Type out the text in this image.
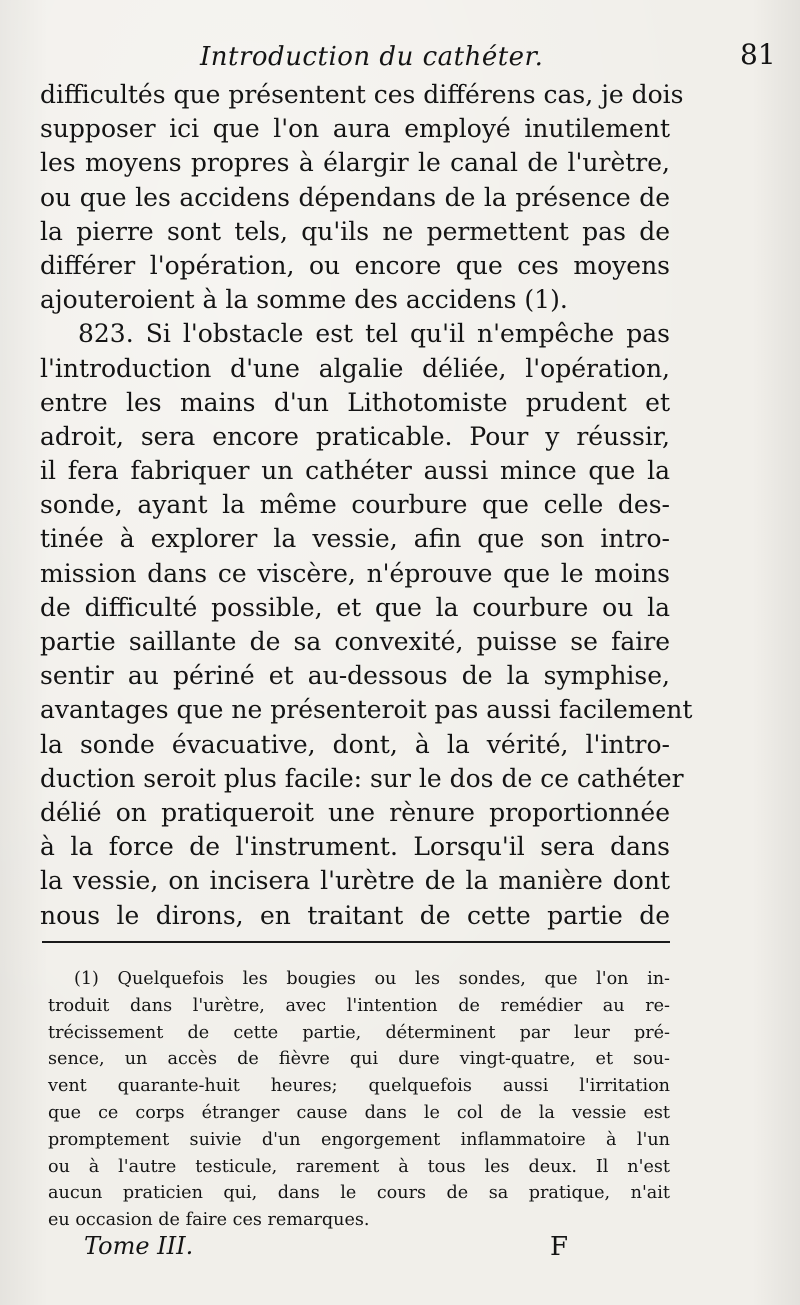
Introduction du cathéter.	81
difficultés que présentent ces différens cas, je dois
supposer ici que l'on aura employé inutilement
les moyens propres à élargir le canal de l'urètre,
ou que les accidens dépendans de la présence de
la pierre sont tels, qu'ils ne permettent pas de
différer l'opération, ou encore que ces moyens
ajouteroient à la somme des accidens (1).
823. Si l'obstacle est tel qu'il n'empêche pas
l'introduction d'une algalie déliée, l'opération,
entre les mains d'un Lithotomiste prudent et
adroit, sera encore praticable. Pour y réussir,
il fera fabriquer un cathéter aussi mince que la
sonde, ayant la même courbure que celle des-
tinée à explorer la vessie, afin que son intro-
mission dans ce viscère, n'éprouve que le moins
de difficulté possible, et que la courbure ou la
partie saillante de sa convexité, puisse se faire
sentir au périné et au-dessous de la symphise,
avantages que ne présenteroit pas aussi facilement
la sonde évacuative, dont, à la vérité, l'intro-
duction seroit plus facile: sur le dos de ce cathéter
délié on pratiqueroit une rènure proportionnée
à la force de l'instrument. Lorsqu'il sera dans
la vessie, on incisera l'urètre de la manière dont
nous le dirons, en traitant de cette partie de
(1) Quelquefois les bougies ou les sondes, que l'on in-
troduit dans l'urètre, avec l'intention de remédier au re-
trécissement de cette partie, déterminent par leur pré-
sence, un accès de fièvre qui dure vingt-quatre, et sou-
vent quarante-huit heures; quelquefois aussi l'irritation
que ce corps étranger cause dans le col de la vessie est
promptement suivie d'un engorgement inflammatoire à l'un
ou à l'autre testicule, rarement à tous les deux. Il n'est
aucun praticien qui, dans le cours de sa pratique, n'ait
eu occasion de faire ces remarques.
Tome III.	F
